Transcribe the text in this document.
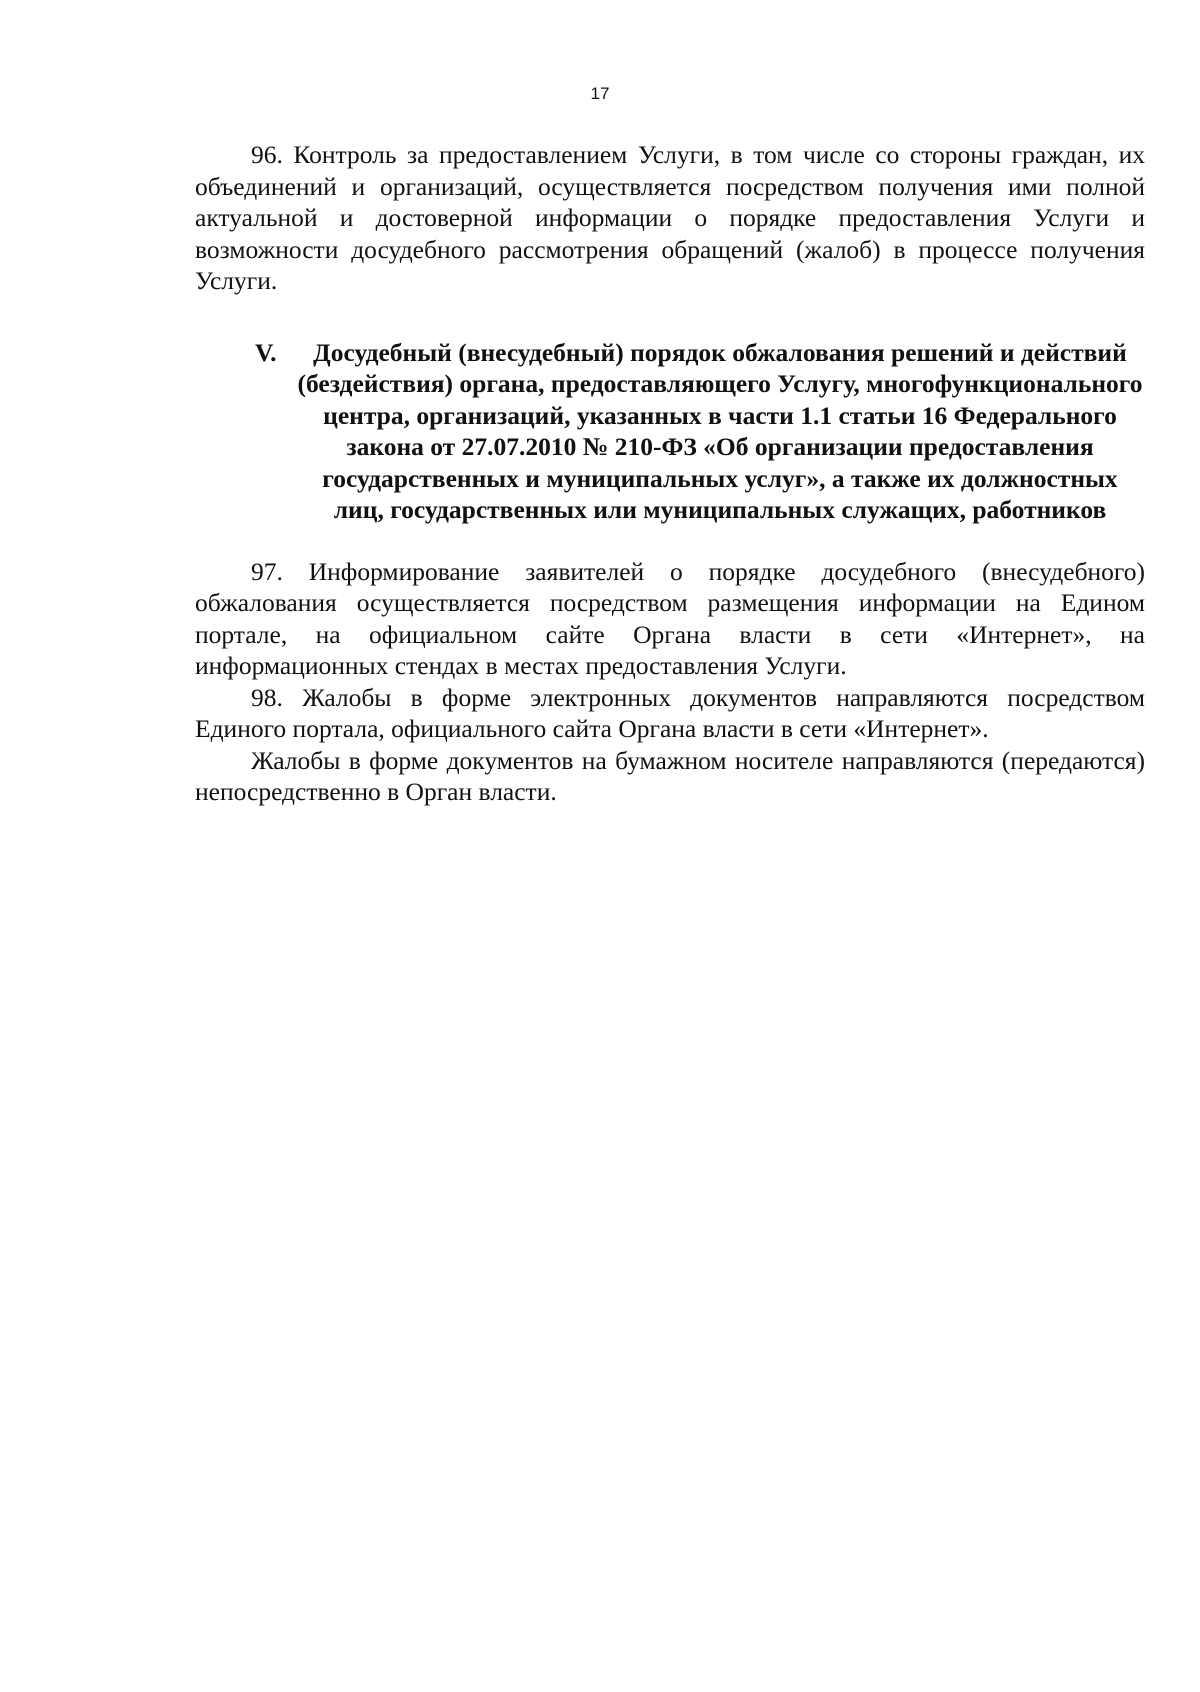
17

96. Контроль за предоставлением Услуги, в том числе со стороны граждан, их объединений и организаций, осуществляется посредством получения ими полной актуальной и достоверной информации о порядке предоставления Услуги и возможности досудебного рассмотрения обращений (жалоб) в процессе получения Услуги.

V.	Досудебный (внесудебный) порядок обжалования решений и действий (бездействия) органа, предоставляющего Услугу, многофункционального центра, организаций, указанных в части 1.1 статьи 16 Федерального закона от 27.07.2010 № 210-ФЗ «Об организации предоставления государственных и муниципальных услуг», а также их должностных лиц, государственных или муниципальных служащих, работников

97. Информирование заявителей о порядке досудебного (внесудебного) обжалования осуществляется посредством размещения информации на Едином портале, на официальном сайте Органа власти в сети «Интернет», на информационных стендах в местах предоставления Услуги.

98. Жалобы в форме электронных документов направляются посредством Единого портала, официального сайта Органа власти в сети «Интернет».

Жалобы в форме документов на бумажном носителе направляются (передаются) непосредственно в Орган власти.
